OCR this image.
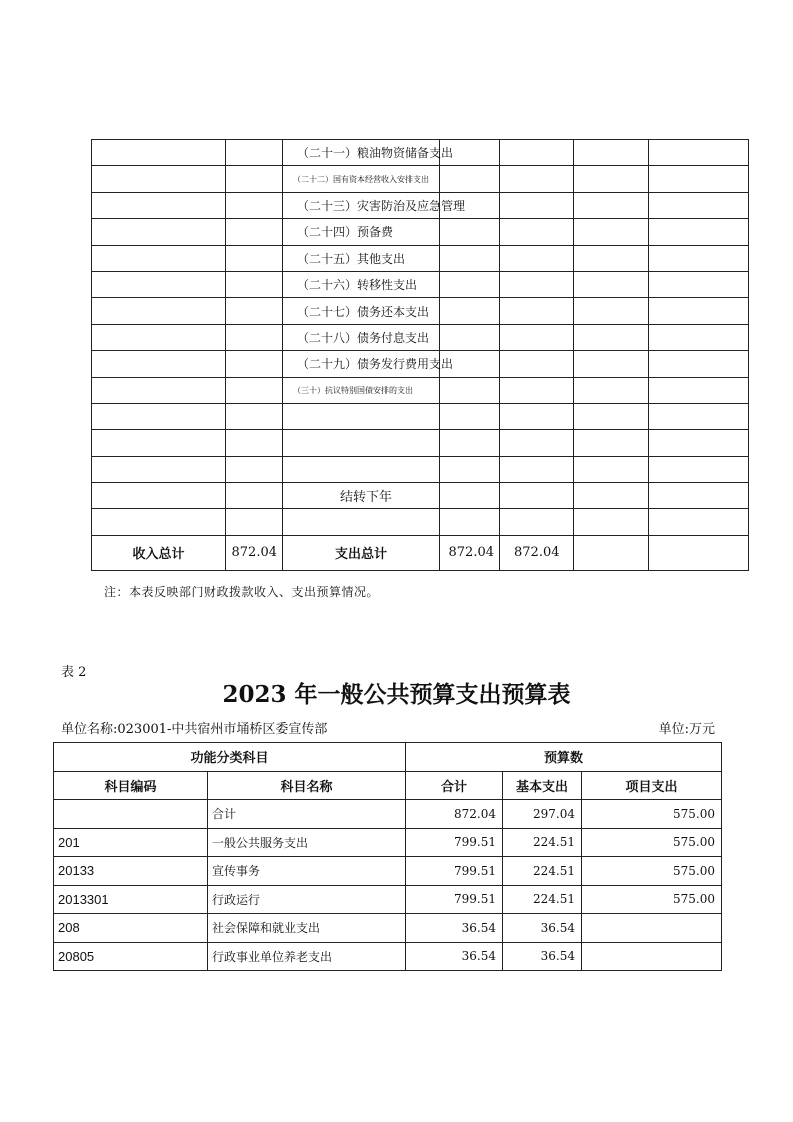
		（二十一）粮油物资储备支出				
		（二十二）国有资本经营收入安排支出				
		（二十三）灾害防治及应急管理				
		（二十四）预备费				
		（二十五）其他支出				
		（二十六）转移性支出				
		（二十七）债务还本支出				
		（二十八）债务付息支出				
		（二十九）债务发行费用支出				
		（三十）抗议特别国债安排的支出				

		结转下年				

收入总计	872.04	支出总计	872.04	872.04		
注：本表反映部门财政拨款收入、支出预算情况。
表 2
2023 年一般公共预算支出预算表
单位名称:023001-中共宿州市埇桥区委宣传部	单位:万元
功能分类科目		预算数		
科目编码	科目名称	合计	基本支出	项目支出
	合计	872.04	297.04	575.00
201	一般公共服务支出	799.51	224.51	575.00
20133	宣传事务	799.51	224.51	575.00
2013301	行政运行	799.51	224.51	575.00
208	社会保障和就业支出	36.54	36.54	
20805	行政事业单位养老支出	36.54	36.54	
